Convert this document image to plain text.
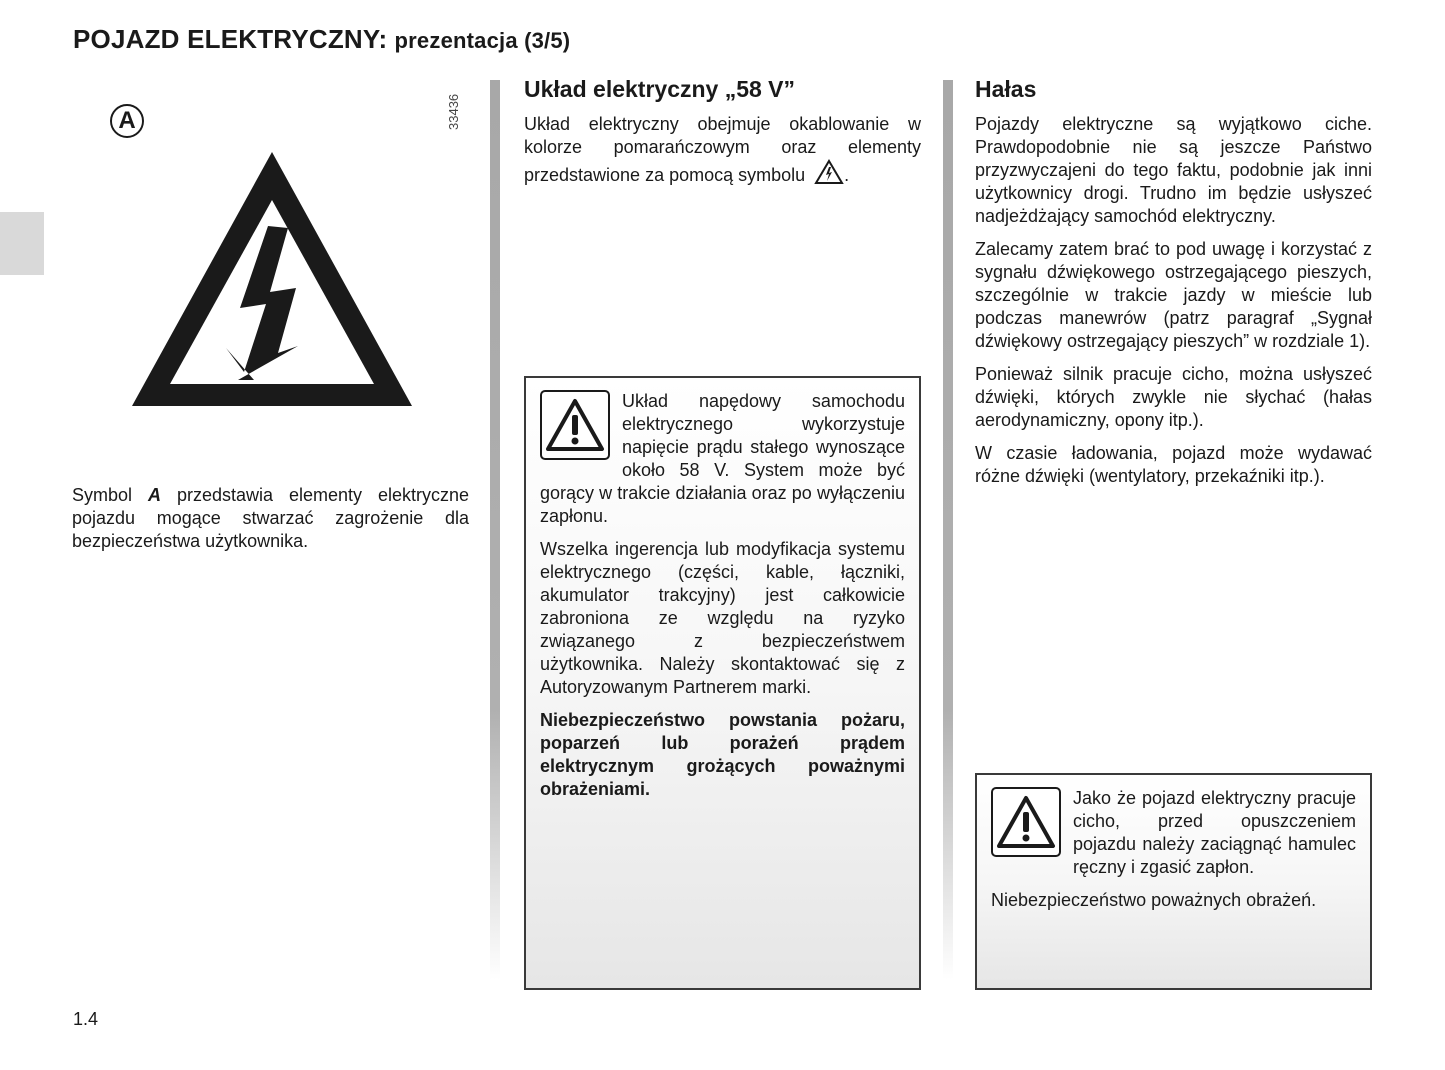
POJAZD ELEKTRYCZNY: prezentacja (3/5)
A	33436
Symbol A przedstawia elementy elektryczne pojazdu mogące stwarzać zagrożenie dla bezpieczeństwa użytkownika.
Układ elektryczny „58 V”
Układ elektryczny obejmuje okablowanie w kolorze pomarańczowym oraz elementy przedstawione za pomocą symbolu .

Układ napędowy samochodu elektrycznego wykorzystuje napięcie prądu stałego wynoszące około 58 V. System może być gorący w trakcie działania oraz po wyłączeniu zapłonu.

Wszelka ingerencja lub modyfikacja systemu elektrycznego (części, kable, łączniki, akumulator trakcyjny) jest całkowicie zabroniona ze względu na ryzyko związanego z bezpieczeństwem użytkownika. Należy skontaktować się z Autoryzowanym Partnerem marki.

Niebezpieczeństwo powstania pożaru, poparzeń lub porażeń prądem elektrycznym grożących poważnymi obrażeniami.

Hałas

Pojazdy elektryczne są wyjątkowo ciche. Prawdopodobnie nie są jeszcze Państwo przyzwyczajeni do tego faktu, podobnie jak inni użytkownicy drogi. Trudno im będzie usłyszeć nadjeżdżający samochód elektryczny.

Zalecamy zatem brać to pod uwagę i korzystać z sygnału dźwiękowego ostrzegającego pieszych, szczególnie w trakcie jazdy w mieście lub podczas manewrów (patrz paragraf „Sygnał dźwiękowy ostrzegający pieszych” w rozdziale 1).

Ponieważ silnik pracuje cicho, można usłyszeć dźwięki, których zwykle nie słychać (hałas aerodynamiczny, opony itp.).

W czasie ładowania, pojazd może wydawać różne dźwięki (wentylatory, przekaźniki itp.).

Jako że pojazd elektryczny pracuje cicho, przed opuszczeniem pojazdu należy zaciągnąć hamulec ręczny i zgasić zapłon.

Niebezpieczeństwo poważnych obrażeń.

1.4
